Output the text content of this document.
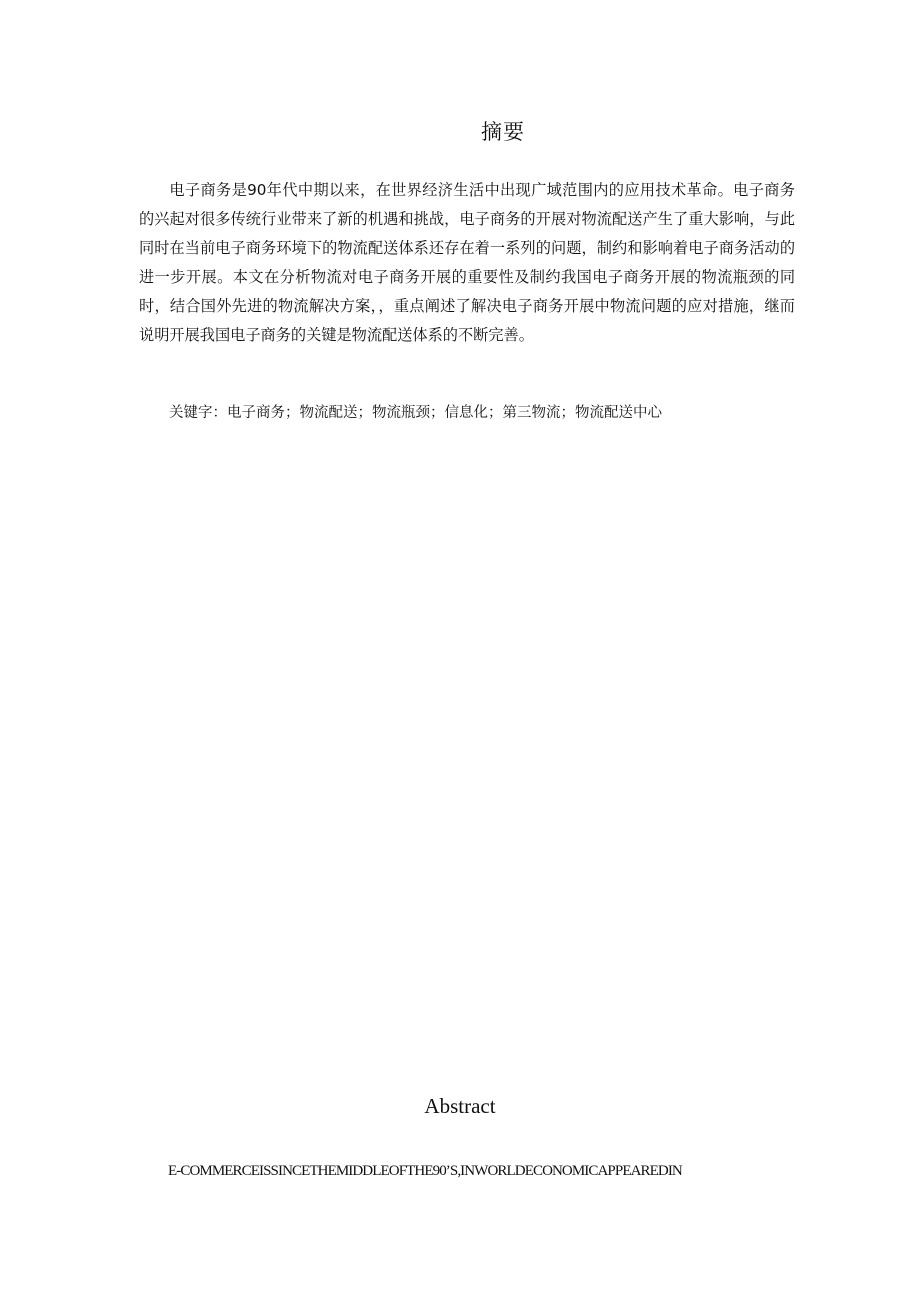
摘要

电子商务是90年代中期以来，在世界经济生活中出现广域范围内的应用技术革命。电子商务的兴起对很多传统行业带来了新的机遇和挑战，电子商务的开展对物流配送产生了重大影响，与此同时在当前电子商务环境下的物流配送体系还存在着一系列的问题，制约和影响着电子商务活动的进一步开展。本文在分析物流对电子商务开展的重要性及制约我国电子商务开展的物流瓶颈的同时，结合国外先进的物流解决方案，，重点阐述了解决电子商务开展中物流问题的应对措施，继而说明开展我国电子商务的关键是物流配送体系的不断完善。

关键字：电子商务；物流配送；物流瓶颈；信息化；第三物流；物流配送中心

Abstract

E-COMMERCEISSINCETHEMIDDLEOFTHE90’S,INWORLDECONOMICAPPEAREDIN
